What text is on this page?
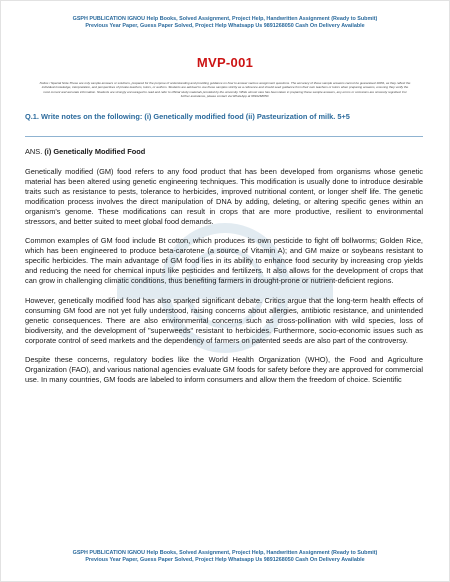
GSPH PUBLICATION IGNOU Help Books, Solved Assignment, Project Help, Handwritten Assignment (Ready to Submit)
Previous Year Paper, Guess Paper Solved, Project Help Whatsapp Us 9891268050 Cash On Delivery Available
MVP-001
Notice / Special Note-These are only sample answers or solutions, prepared for the purpose of understanding and providing guidance on how to answer various assignment questions. The accuracy of these sample answers cannot be guaranteed 100%, as they reflect the individual knowledge, interpretation, and perspectives of private teachers, tutors, or authors. Students are advised to use these samples strictly as a reference and should seek guidance from their own teachers or tutors when preparing answers, ensuring they verify the most current and accurate information. Students are strongly encouraged to read and refer to official study materials provided by the university. While utmost care has been taken in preparing these sample answers, any errors or omissions are sincerely regretted. For further assistance, please contact via WhatsApp at 9891268050.
Q.1. Write notes on the following: (i) Genetically modified food (ii) Pasteurization of milk. 5+5
ANS. (i) Genetically Modified Food

Genetically modified (GM) food refers to any food product that has been developed from organisms whose genetic material has been altered using genetic engineering techniques. This modification is usually done to introduce desirable traits such as resistance to pests, tolerance to herbicides, improved nutritional content, or longer shelf life. The genetic modification process involves the direct manipulation of DNA by adding, deleting, or altering specific genes within an organism's genome. These modifications can result in crops that are more productive, resilient to environmental stressors, and better suited to meet global food demands.

Common examples of GM food include Bt cotton, which produces its own pesticide to fight off bollworms; Golden Rice, which has been engineered to produce beta-carotene (a source of Vitamin A); and GM maize or soybeans resistant to specific herbicides. The main advantage of GM food lies in its ability to enhance food security by increasing crop yields and reducing the need for chemical inputs like pesticides and fertilizers. It also allows for the development of crops that can grow in challenging climatic conditions, thus benefiting farmers in drought-prone or nutrient-deficient regions.

However, genetically modified food has also sparked significant debate. Critics argue that the long-term health effects of consuming GM food are not yet fully understood, raising concerns about allergies, antibiotic resistance, and unintended genetic consequences. There are also environmental concerns such as cross-pollination with wild species, loss of biodiversity, and the development of "superweeds" resistant to herbicides. Furthermore, socio-economic issues such as corporate control of seed markets and the dependency of farmers on patented seeds are also part of the controversy.

Despite these concerns, regulatory bodies like the World Health Organization (WHO), the Food and Agriculture Organization (FAO), and various national agencies evaluate GM foods for safety before they are approved for commercial use. In many countries, GM foods are labeled to inform consumers and allow them the freedom of choice. Scientific

GSPH PUBLICATION IGNOU Help Books, Solved Assignment, Project Help, Handwritten Assignment (Ready to Submit)
Previous Year Paper, Guess Paper Solved, Project Help Whatsapp Us 9891268050 Cash On Delivery Available
